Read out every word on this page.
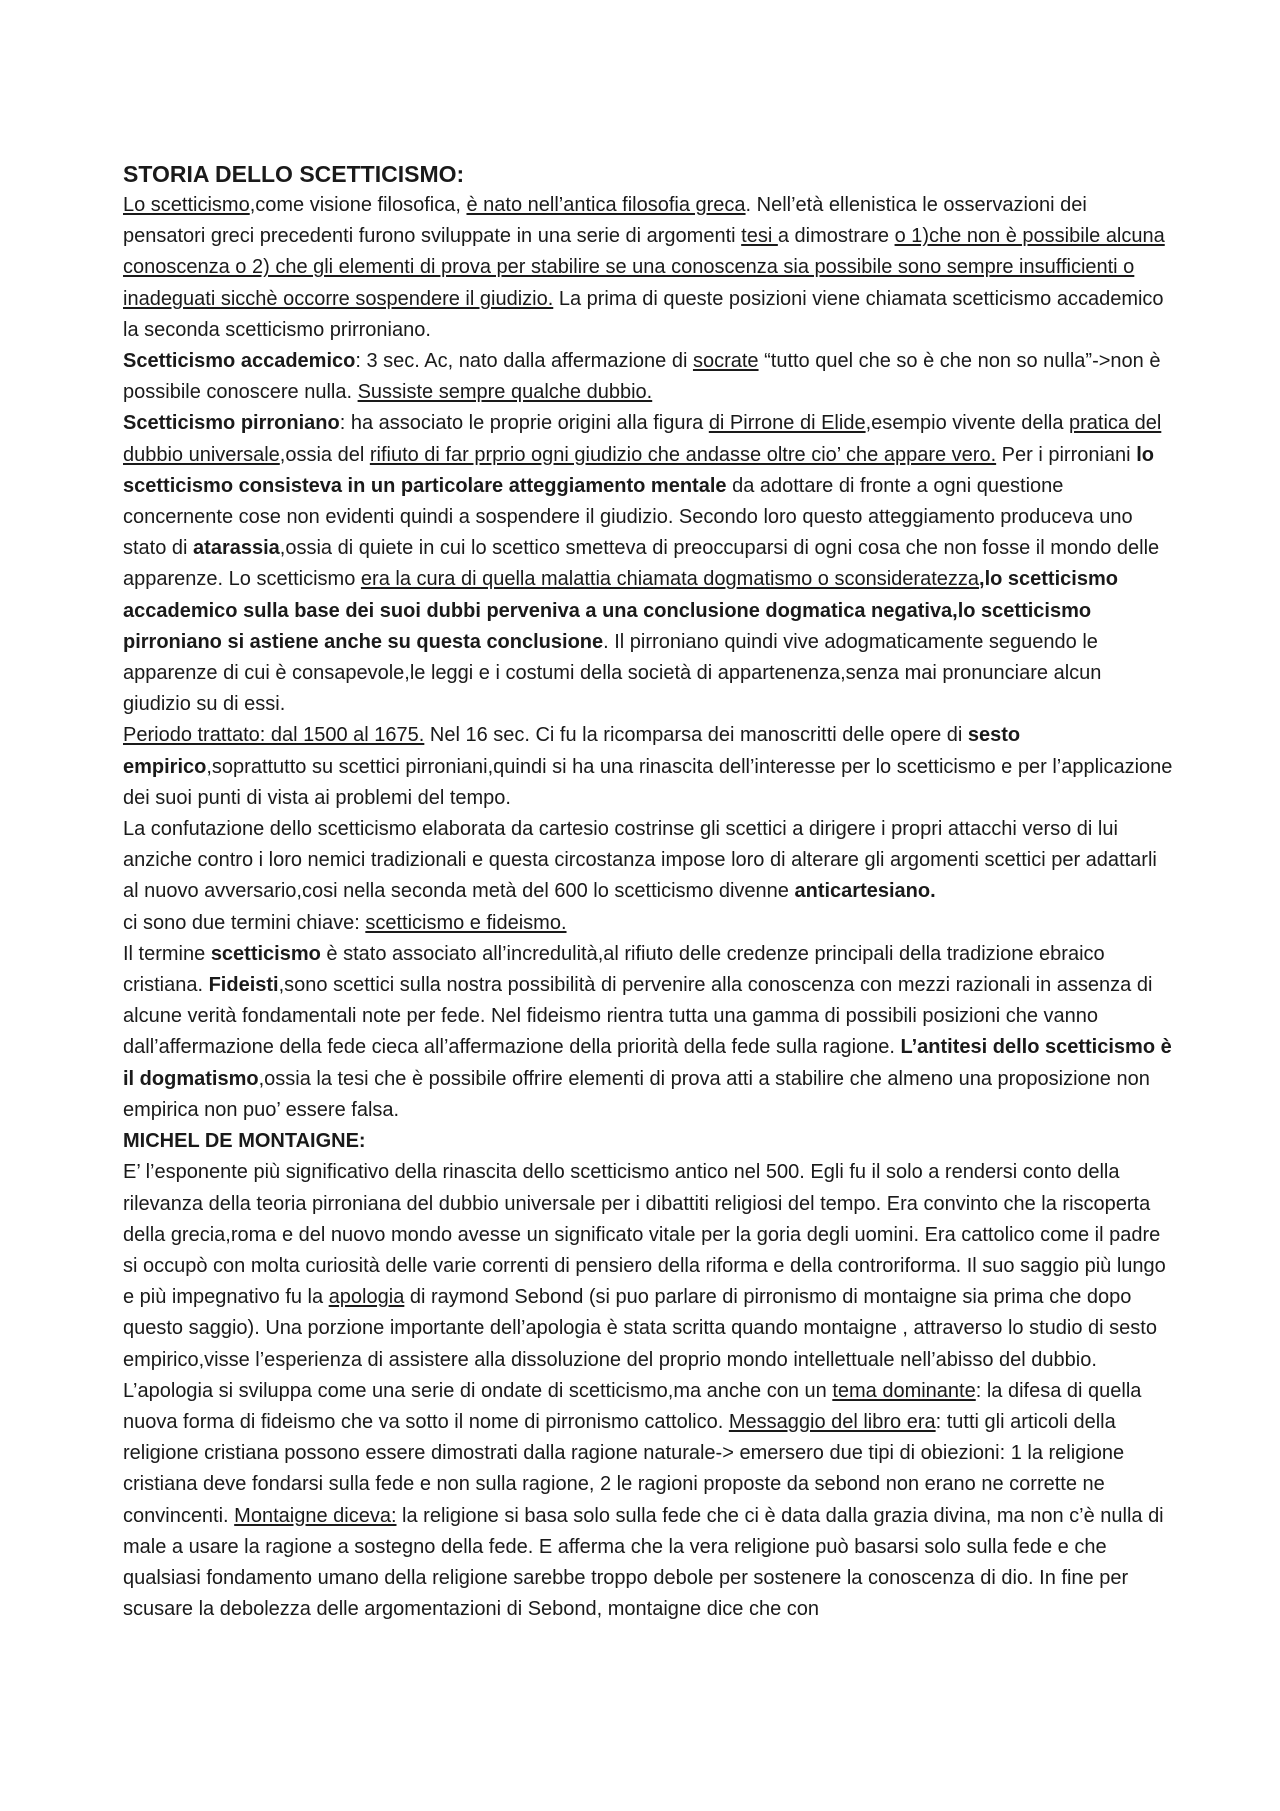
STORIA DELLO SCETTICISMO:

Lo scetticismo,come visione filosofica, è nato nell’antica filosofia greca. Nell’età ellenistica le osservazioni dei pensatori greci precedenti furono sviluppate in una serie di argomenti tesi a dimostrare o 1)che non è possibile alcuna conoscenza o 2) che gli elementi di prova per stabilire se una conoscenza sia possibile sono sempre insufficienti o inadeguati sicchè occorre sospendere il giudizio. La prima di queste posizioni viene chiamata scetticismo accademico la seconda scetticismo prirroniano.

Scetticismo accademico: 3 sec. Ac, nato dalla affermazione di socrate “tutto quel che so è che non so nulla”->non è possibile conoscere nulla. Sussiste sempre qualche dubbio.

Scetticismo pirroniano: ha associato le proprie origini alla figura di Pirrone di Elide,esempio vivente della pratica del dubbio universale,ossia del rifiuto di far prprio ogni giudizio che andasse oltre cio’ che appare vero. Per i pirroniani lo scetticismo consisteva in un particolare atteggiamento mentale da adottare di fronte a ogni questione concernente cose non evidenti quindi a sospendere il giudizio. Secondo loro questo atteggiamento produceva uno stato di atarassia,ossia di quiete in cui lo scettico smetteva di preoccuparsi di ogni cosa che non fosse il mondo delle apparenze. Lo scetticismo era la cura di quella malattia chiamata dogmatismo o sconsideratezza,lo scetticismo accademico sulla base dei suoi dubbi perveniva a una conclusione dogmatica negativa,lo scetticismo pirroniano si astiene anche su questa conclusione. Il pirroniano quindi vive adogmaticamente seguendo le apparenze di cui è consapevole,le leggi e i costumi della società di appartenenza,senza mai pronunciare alcun giudizio su di essi.

Periodo trattato: dal 1500 al 1675. Nel 16 sec. Ci fu la ricomparsa dei manoscritti delle opere di sesto empirico,soprattutto su scettici pirroniani,quindi si ha una rinascita dell’interesse per lo scetticismo e per l’applicazione dei suoi punti di vista ai problemi del tempo.

La confutazione dello scetticismo elaborata da cartesio costrinse gli scettici a dirigere i propri attacchi verso di lui anziche contro i loro nemici tradizionali e questa circostanza impose loro di alterare gli argomenti scettici per adattarli al nuovo avversario,cosi nella seconda metà del 600 lo scetticismo divenne anticartesiano.

ci sono due termini chiave: scetticismo e fideismo.

Il termine scetticismo è stato associato all’incredulità,al rifiuto delle credenze principali della tradizione ebraico cristiana. Fideisti,sono scettici sulla nostra possibilità di pervenire alla conoscenza con mezzi razionali in assenza di alcune verità fondamentali note per fede. Nel fideismo rientra tutta una gamma di possibili posizioni che vanno dall’affermazione della fede cieca all’affermazione della priorità della fede sulla ragione. L’antitesi dello scetticismo è il dogmatismo,ossia la tesi che è possibile offrire elementi di prova atti a stabilire che almeno una proposizione non empirica non puo’ essere falsa.

MICHEL DE MONTAIGNE:

E’ l’esponente più significativo della rinascita dello scetticismo antico nel 500. Egli fu il solo a rendersi conto della rilevanza della teoria pirroniana del dubbio universale per i dibattiti religiosi del tempo. Era convinto che la riscoperta della grecia,roma e del nuovo mondo avesse un significato vitale per la goria degli uomini. Era cattolico come il padre si occupò con molta curiosità delle varie correnti di pensiero della riforma e della controriforma. Il suo saggio più lungo e più impegnativo fu la apologia di raymond Sebond (si puo parlare di pirronismo di montaigne sia prima che dopo questo saggio). Una porzione importante dell’apologia è stata scritta quando montaigne , attraverso lo studio di sesto empirico,visse l’esperienza di assistere alla dissoluzione del proprio mondo intellettuale nell’abisso del dubbio. L’apologia si sviluppa come una serie di ondate di scetticismo,ma anche con un tema dominante: la difesa di quella nuova forma di fideismo che va sotto il nome di pirronismo cattolico. Messaggio del libro era: tutti gli articoli della religione cristiana possono essere dimostrati dalla ragione naturale-> emersero due tipi di obiezioni: 1 la religione cristiana deve fondarsi sulla fede e non sulla ragione, 2 le ragioni proposte da sebond non erano ne corrette ne convincenti. Montaigne diceva: la religione si basa solo sulla fede che ci è data dalla grazia divina, ma non c’è nulla di male a usare la ragione a sostegno della fede. E afferma che la vera religione può basarsi solo sulla fede e che qualsiasi fondamento umano della religione sarebbe troppo debole per sostenere la conoscenza di dio. In fine per scusare la debolezza delle argomentazioni di Sebond, montaigne dice che con
